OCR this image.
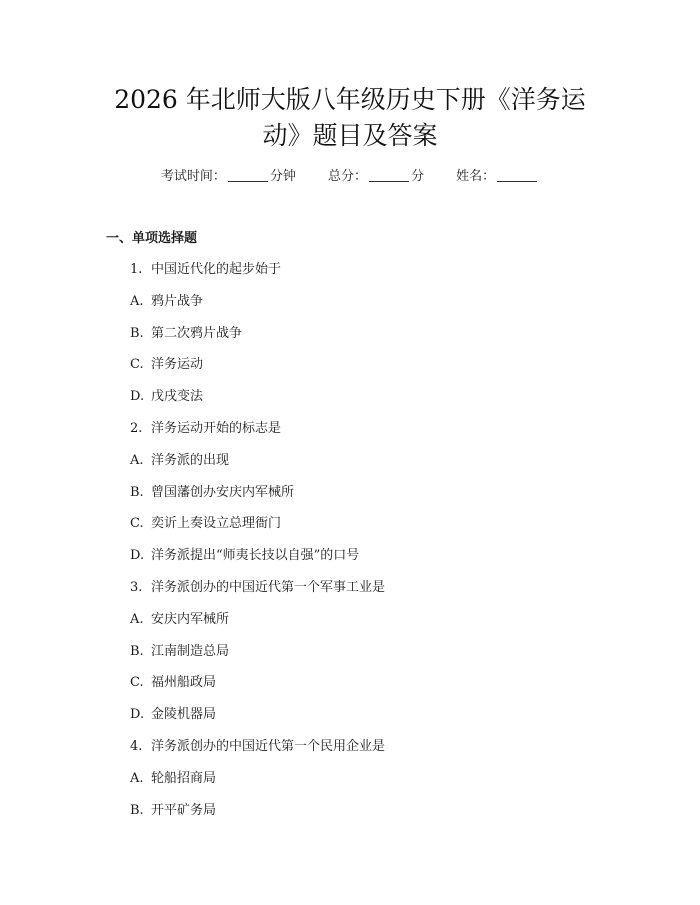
2026 年北师大版八年级历史下册《洋务运
动》题目及答案
考试时间：	分钟 总分：	分 姓名：
一、单项选择题
1. 中国近代化的起步始于
A. 鸦片战争
B. 第二次鸦片战争
C. 洋务运动
D. 戊戌变法
2. 洋务运动开始的标志是
A. 洋务派的出现
B. 曾国藩创办安庆内军械所
C. 奕䜣上奏设立总理衙门
D. 洋务派提出“师夷长技以自强”的口号
3. 洋务派创办的中国近代第一个军事工业是
A. 安庆内军械所
B. 江南制造总局
C. 福州船政局
D. 金陵机器局
4. 洋务派创办的中国近代第一个民用企业是
A. 轮船招商局
B. 开平矿务局
